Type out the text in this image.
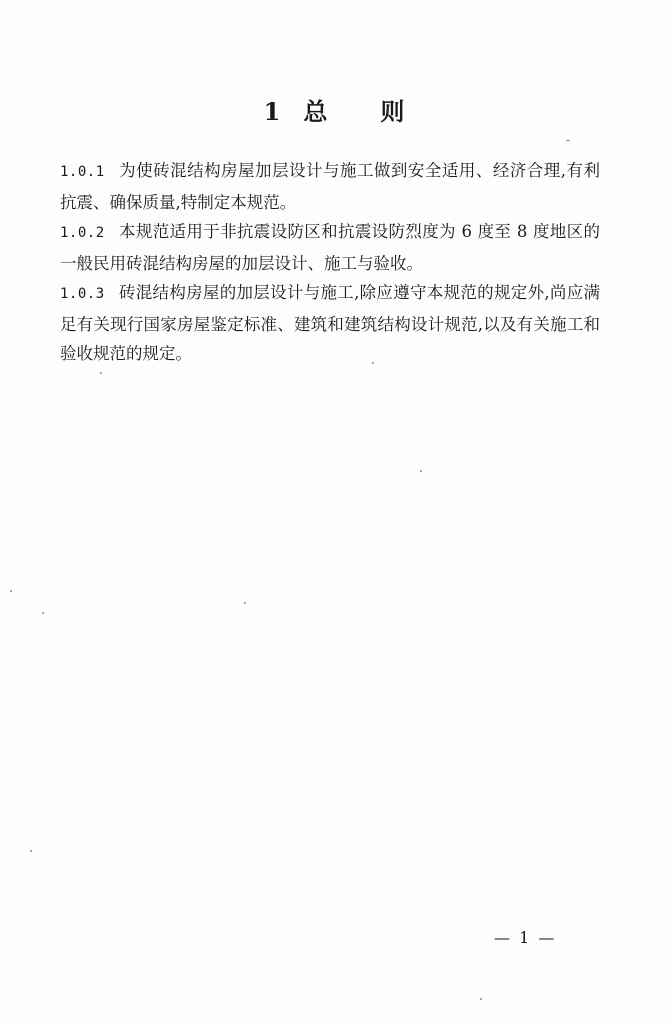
1 总 则

1.0.1 为使砖混结构房屋加层设计与施工做到安全适用、经济合理,有利抗震、确保质量,特制定本规范。

1.0.2 本规范适用于非抗震设防区和抗震设防烈度为 6 度至 8 度地区的一般民用砖混结构房屋的加层设计、施工与验收。

1.0.3 砖混结构房屋的加层设计与施工,除应遵守本规范的规定外,尚应满足有关现行国家房屋鉴定标准、建筑和建筑结构设计规范,以及有关施工和验收规范的规定。

— 1 —
